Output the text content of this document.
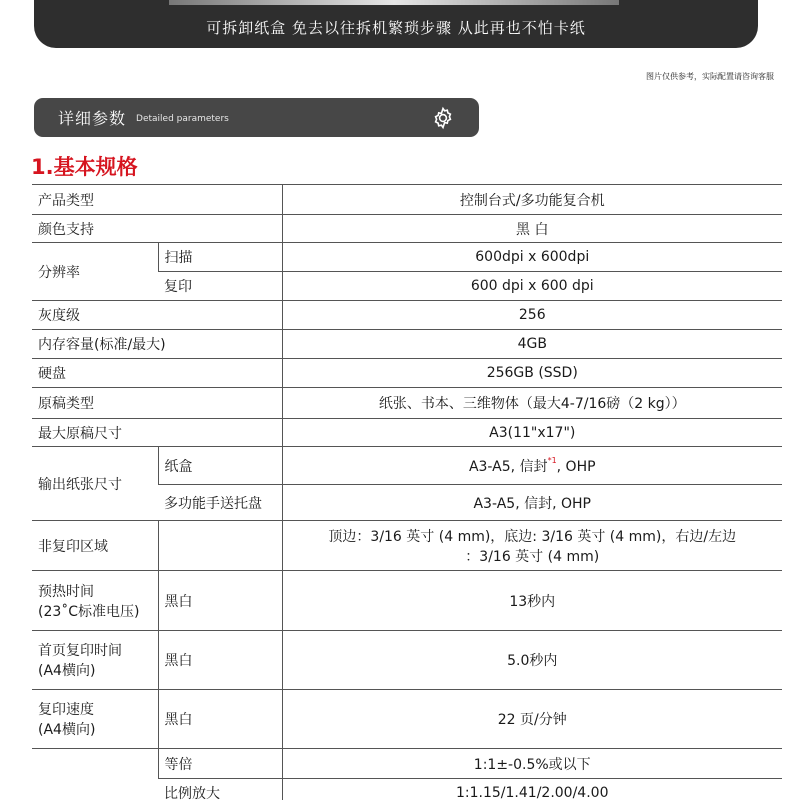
可拆卸纸盒 免去以往拆机繁琐步骤 从此再也不怕卡纸
图片仅供参考，实际配置请咨询客服
详细参数 Detailed parameters
1.基本规格
产品类型		控制台式/多功能复合机
颜色支持		黑 白
分辨率	扫描	600dpi x 600dpi
	复印	600 dpi x 600 dpi
灰度级		256
内存容量(标准/最大)		4GB
硬盘		256GB (SSD)
原稿类型		纸张、书本、三维物体（最大4-7/16磅（2 kg））
最大原稿尺寸		A3(11"x17")
输出纸张尺寸	纸盒	A3-A5, 信封$^{*1}$, OHP
	多功能手送托盘	A3-A5, 信封, OHP
非复印区域		顶边：3/16 英寸 (4 mm)，底边: 3/16 英寸 (4 mm)，右边/左边
：3/16 英寸 (4 mm)

预热时间
(23˚C标准电压)	黑白	13秒内

首页复印时间
(A4横向)	黑白	5.0秒内

复印速度
(A4横向)	黑白	22 页/分钟
	等倍	1:1±-0.5%或以下
	比例放大	1:1.15/1.41/2.00/4.00
